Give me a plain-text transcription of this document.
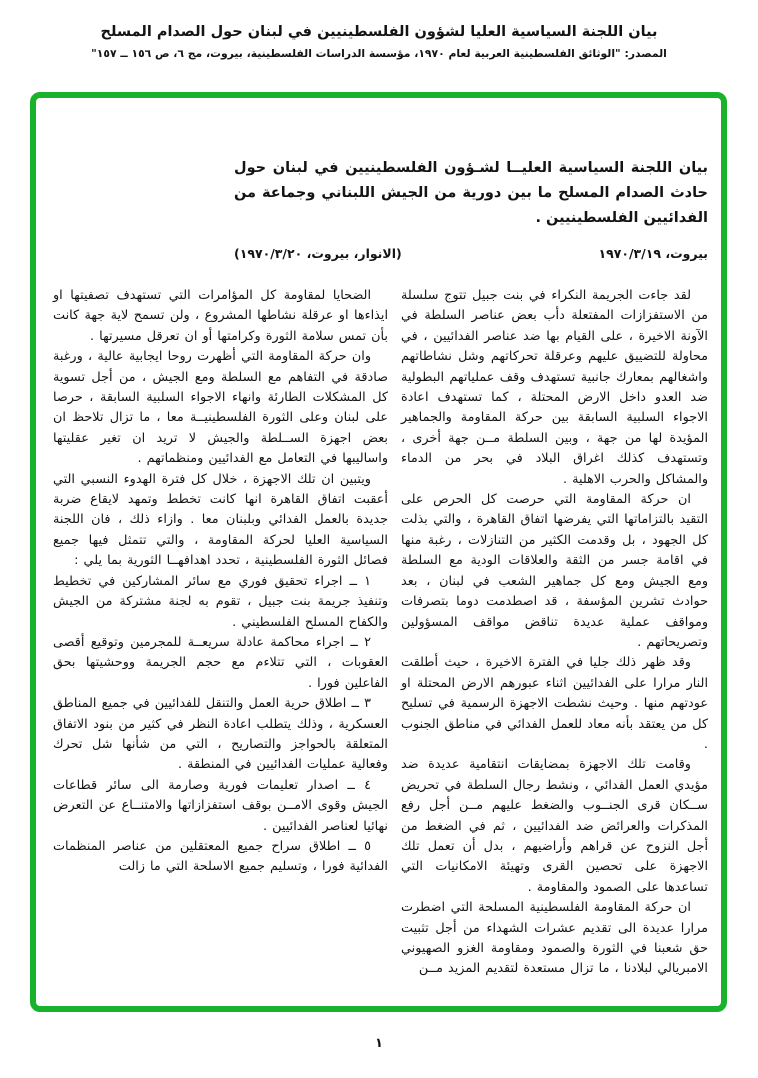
بيان اللجنة السياسية العليا لشؤون الفلسطينيين في لبنان حول الصدام المسلح
المصدر: "الوثائق الفلسطينية العربية لعام ١٩٧٠، مؤسسة الدراسات الفلسطينية، بيروت، مج ٦، ص ١٥٦ ــ ١٥٧"
بيان اللجنة السياسية العليــا لشـؤون الفلسطينيين في لبنان حول حادث الصدام المسلح ما بين دورية من الجيش اللبناني وجماعة من الفدائيين الفلسطينيين .
بيروت، ١٩٧٠/٣/١٩
(الانوار، بيروت، ١٩٧٠/٣/٢٠)

لقد جاءت الجريمة النكراء في بنت جبيل تتوج سلسلة من الاستفزازات المفتعلة دأب بعض عناصر السلطة في الآونة الاخيرة ، على القيام بها ضد عناصر الفدائيين ، في محاولة للتضييق عليهم وعرقلة تحركاتهم وشل نشاطاتهم واشغالهم بمعارك جانبية تستهدف وقف عملياتهم البطولية ضد العدو داخل الارض المحتلة ، كما تستهدف اعادة الاجواء السلبية السابقة بين حركة المقاومة والجماهير المؤيدة لها من جهة ، وبين السلطة مــن جهة أخرى ، وتستهدف كذلك اغراق البلاد في بحر من الدماء والمشاكل والحرب الاهلية .

ان حركة المقاومة التي حرصت كل الحرص على التقيد بالتزاماتها التي يفرضها اتفاق القاهرة ، والتي بذلت كل الجهود ، بل وقدمت الكثير من التنازلات ، رغبة منها في اقامة جسر من الثقة والعلاقات الودية مع السلطة ومع الجيش ومع كل جماهير الشعب في لبنان ، بعد حوادث تشرين المؤسفة ، قد اصطدمت دوما بتصرفات ومواقف عملية عديدة تناقض مواقف المسؤولين وتصريحاتهم .

وقد ظهر ذلك جليا في الفترة الاخيرة ، حيث أطلقت النار مرارا على الفدائيين اثناء عبورهم الارض المحتلة او عودتهم منها . وحيث نشطت الاجهزة الرسمية في تسليح كل من يعتقد بأنه معاد للعمل الفدائي في مناطق الجنوب .

وقامت تلك الاجهزة بمضايقات انتقامية عديدة ضد مؤيدي العمل الفدائي ، ونشط رجال السلطة في تحريض ســكان قرى الجنــوب والضغط عليهم مــن أجل رفع المذكرات والعرائض ضد الفدائيين ، ثم في الضغط من أجل النزوح عن قراهم وأراضيهم ، بدل أن تعمل تلك الاجهزة على تحصين القرى وتهيئة الامكانيات التي تساعدها على الصمود والمقاومة .

ان حركة المقاومة الفلسطينية المسلحة التي اضطرت مرارا عديدة الى تقديم عشرات الشهداء من أجل تثبيت حق شعبنا في الثورة والصمود ومقاومة الغزو الصهيوني الامبريالي لبلادنا ، ما تزال مستعدة لتقديم المزيد مــن

الضحايا لمقاومة كل المؤامرات التي تستهدف تصفيتها او ايذاءها او عرقلة نشاطها المشروع ، ولن تسمح لاية جهة كانت بأن تمس سلامة الثورة وكرامتها أو ان تعرقل مسيرتها .

وان حركة المقاومة التي أظهرت روحا ايجابية عالية ، ورغبة صادقة في التفاهم مع السلطة ومع الجيش ، من أجل تسوية كل المشكلات الطارئة وانهاء الاجواء السلبية السابقة ، حرصا على لبنان وعلى الثورة الفلسطينيــة معا ، ما تزال تلاحظ ان بعض اجهزة الســلطة والجيش لا تريد ان تغير عقليتها واساليبها في التعامل مع الفدائيين ومنظماتهم .

ويتبين ان تلك الاجهزة ، خلال كل فترة الهدوء النسبي التي أعقبت اتفاق القاهرة انها كانت تخطط وتمهد لايقاع ضربة جديدة بالعمل الفدائي وبلبنان معا . وازاء ذلك ، فان اللجنة السياسية العليا لحركة المقاومة ، والتي تتمثل فيها جميع فصائل الثورة الفلسطينية ، تحدد اهدافهــا الثورية بما يلي :

١ ــ اجراء تحقيق فوري مع سائر المشاركين في تخطيط وتنفيذ جريمة بنت جبيل ، تقوم به لجنة مشتركة من الجيش والكفاح المسلح الفلسطيني .

٢ ــ اجراء محاكمة عادلة سريعــة للمجرمين وتوقيع أقصى العقوبات ، التي تتلاءم مع حجم الجريمة ووحشيتها بحق الفاعلين فورا .

٣ ــ اطلاق حرية العمل والتنقل للفدائيين في جميع المناطق العسكرية ، وذلك يتطلب اعادة النظر في كثير من بنود الاتفاق المتعلقة بالحواجز والتصاريح ، التي من شأنها شل تحرك وفعالية عمليات الفدائيين في المنطقة .

٤ ــ اصدار تعليمات فورية وصارمة الى سائر قطاعات الجيش وقوى الامــن بوقف استفزازاتها والامتنــاع عن التعرض نهائيا لعناصر الفدائيين .

٥ ــ اطلاق سراح جميع المعتقلين من عناصر المنظمات الفدائية فورا ، وتسليم جميع الاسلحة التي ما زالت

١
